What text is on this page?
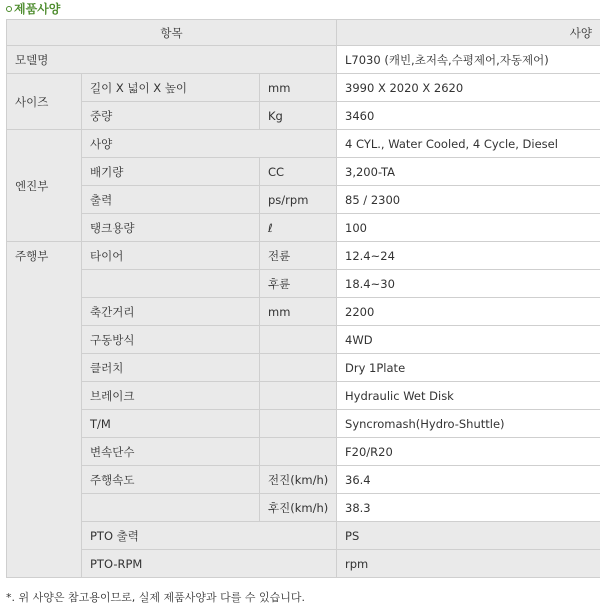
제품사양
항목			사양	
모델명			L7030 (캐빈,초저속,수평제어,자동제어)	
사이즈	길이 X 넓이 X 높이	mm	3990 X 2020 X 2620	
	중량	Kg	3460	
엔진부	사양		4 CYL., Water Cooled, 4 Cycle, Diesel	
	배기량	CC	3,200-TA	
	출력	ps/rpm	85 / 2300	
	탱크용량	ℓ	100	
주행부	타이어	전륜	12.4~24	
		후륜	18.4~30	
	축간거리	mm	2200	
	구동방식		4WD	
	클러치		Dry 1Plate	
	브레이크		Hydraulic Wet Disk	
	T/M		Syncromash(Hydro-Shuttle)	
	변속단수		F20/R20	
	주행속도	전진(km/h)	36.4	
		후진(km/h)	38.3	
	PTO 출력		PS	
	PTO-RPM		rpm	
*. 위 사양은 참고용이므로, 실제 제품사양과 다를 수 있습니다.
